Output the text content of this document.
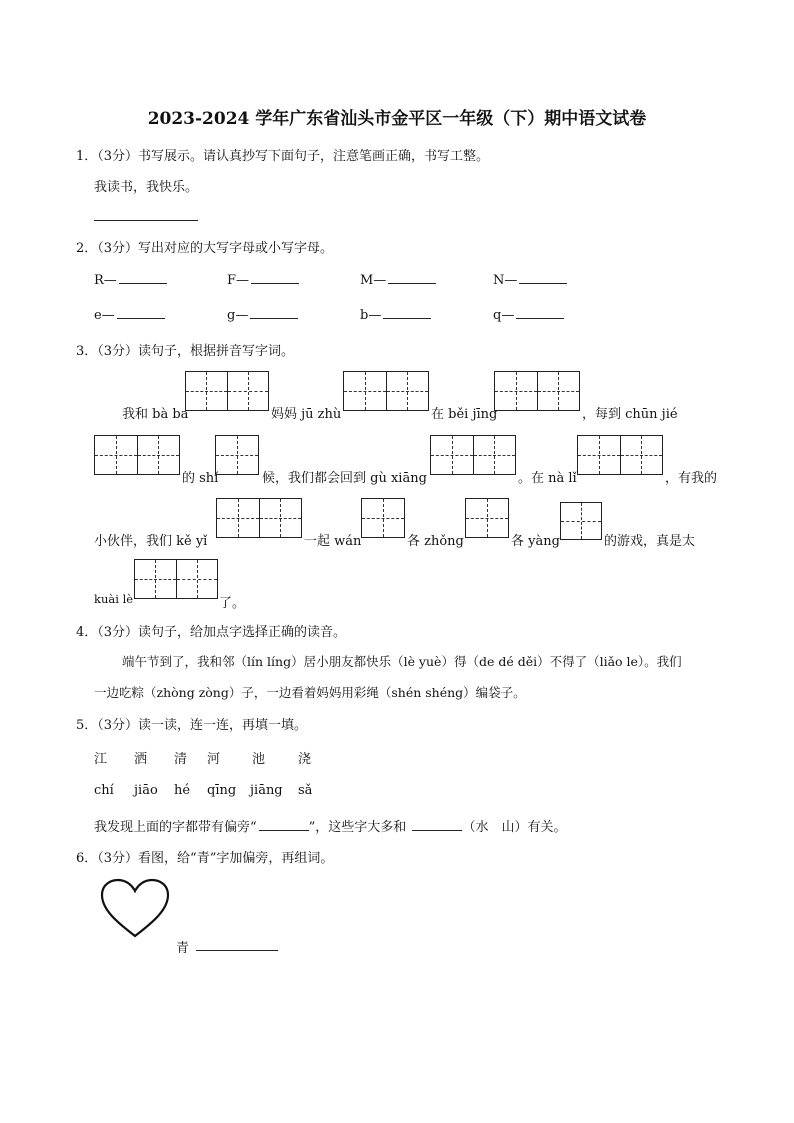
2023-2024 学年广东省汕头市金平区一年级（下）期中语文试卷
1．（3分）书写展示。请认真抄写下面句子，注意笔画正确，书写工整。
我读书，我快乐。
2．（3分）写出对应的大写字母或小写字母。
R—	F—	M—	N—
e—	g—	b—	q—
3．（3分）读句子，根据拼音写字词。
我和 bà ba	妈妈 jū zhù	在 běi jīng	，每到 chūn jié
的 shí	候，我们都会回到 gù xiāng	。在 nà lǐ	，有我的
小伙伴，我们 kě yǐ	一起 wán	各 zhǒng	各 yàng	的游戏，真是太
kuài lè	了。
4．（3分）读句子，给加点字选择正确的读音。
端午节到了，我和邻（lín líng）居小朋友都快乐（lè yuè）得（de dé děi）不得了（liǎo le）。我们
一边吃粽（zhòng zòng）子，一边看着妈妈用彩绳（shén shéng）编袋子。
5．（3分）读一读，连一连，再填一填。
江 洒 清 河 池	浇
chí jiāo hé qīng jiāng sǎ
我发现上面的字都带有偏旁“	”，这些字大多和	（水　山）有关。
6．（3分）看图，给“青”字加偏旁，再组词。
青
